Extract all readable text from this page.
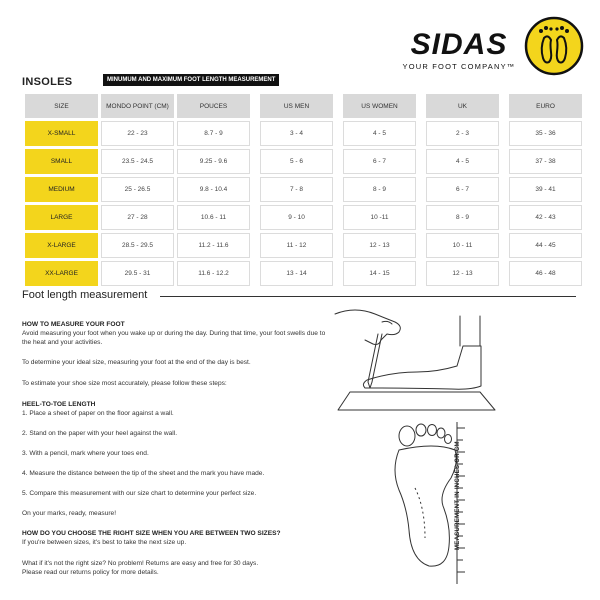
SIDAS
YOUR FOOT COMPANY™
INSOLES	MINUMUM AND MAXIMUM FOOT LENGTH MEASUREMENT
SIZE	MONDO POINT (CM)	POUCES		US MEN		US WOMEN		UK		EURO
X-SMALL	22 - 23	8.7 - 9		3 - 4		4 - 5		2 - 3		35 - 36
SMALL	23.5 - 24.5	9.25 - 9.6		5 - 6		6 - 7		4 - 5		37 - 38
MEDIUM	25 - 26.5	9.8 - 10.4		7 - 8		8 - 9		6 - 7		39 - 41
LARGE	27 - 28	10.6 - 11		9 - 10		10 -11		8 - 9		42 - 43
X-LARGE	28.5 - 29.5	11.2 - 11.6		11 - 12		12 - 13		10 - 11		44 - 45
XX-LARGE	29.5 - 31	11.6 - 12.2		13 - 14		14 - 15		12 - 13		46 - 48
Foot length measurement
HOW TO MEASURE YOUR FOOT
Avoid measuring your foot when you wake up or during the day. During that time, your foot swells due to the heat and your activities.
To determine your ideal size, measuring your foot at the end of the day is best.
To estimate your shoe size most accurately, please follow these steps:
HEEL-TO-TOE LENGTH
1. Place a sheet of paper on the floor against a wall.
2. Stand on the paper with your heel against the wall.
3. With a pencil, mark where your toes end.
4. Measure the distance between the tip of the sheet and the mark you have made.
5. Compare this measurement with our size chart to determine your perfect size.
On your marks, ready, measure!
HOW DO YOU CHOOSE THE RIGHT SIZE WHEN YOU ARE BETWEEN TWO SIZES?
If you're between sizes, it's best to take the next size up.
What if it's not the right size? No problem! Returns are easy and free for 30 days.
Please read our returns policy for more details.
MEASUREMENT IN INCHES OR CM
